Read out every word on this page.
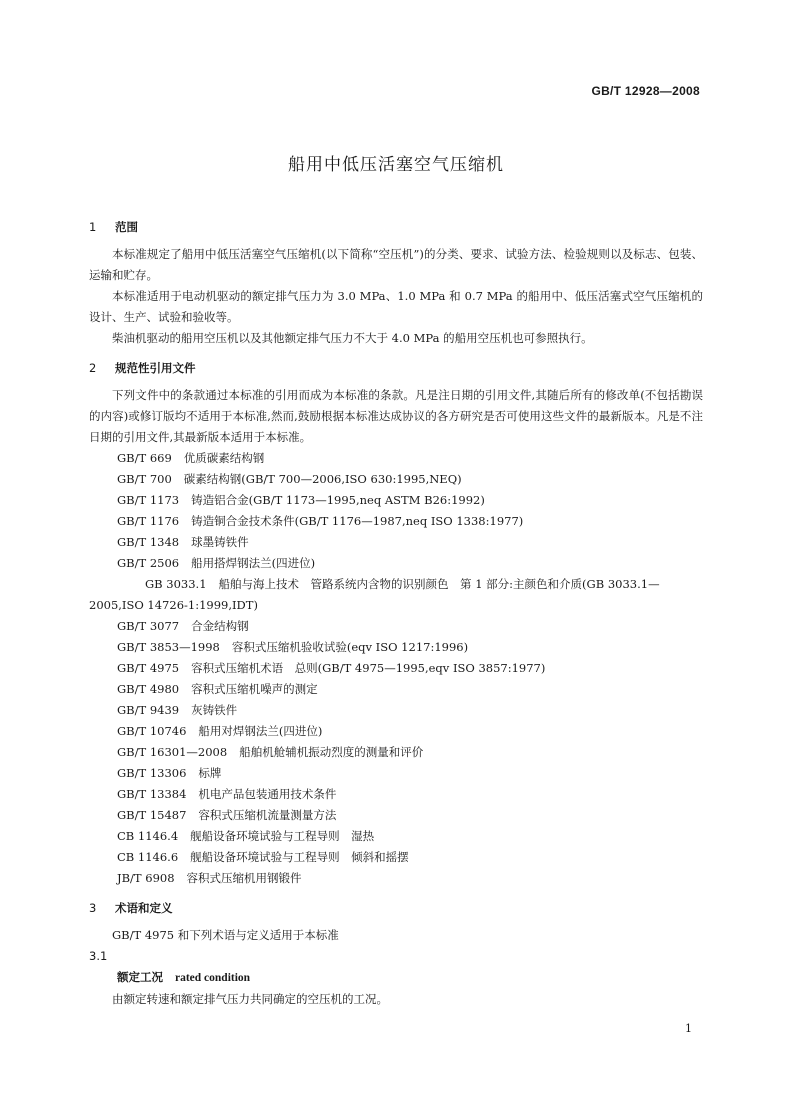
GB/T 12928—2008
船用中低压活塞空气压缩机

1 范围

本标准规定了船用中低压活塞空气压缩机(以下简称“空压机”)的分类、要求、试验方法、检验规则以及标志、包装、运输和贮存。

本标准适用于电动机驱动的额定排气压力为 3.0 MPa、1.0 MPa 和 0.7 MPa 的船用中、低压活塞式空气压缩机的设计、生产、试验和验收等。

柴油机驱动的船用空压机以及其他额定排气压力不大于 4.0 MPa 的船用空压机也可参照执行。

2 规范性引用文件

下列文件中的条款通过本标准的引用而成为本标准的条款。凡是注日期的引用文件,其随后所有的修改单(不包括勘误的内容)或修订版均不适用于本标准,然而,鼓励根据本标准达成协议的各方研究是否可使用这些文件的最新版本。凡是不注日期的引用文件,其最新版本适用于本标准。

GB/T 669 优质碳素结构钢

GB/T 700 碳素结构钢(GB/T 700—2006,ISO 630:1995,NEQ)

GB/T 1173 铸造铝合金(GB/T 1173—1995,neq ASTM B26:1992)

GB/T 1176 铸造铜合金技术条件(GB/T 1176—1987,neq ISO 1338:1977)

GB/T 1348 球墨铸铁件

GB/T 2506 船用搭焊钢法兰(四进位)

GB 3033.1 船舶与海上技术　管路系统内含物的识别颜色　第 1 部分:主颜色和介质(GB 3033.1—2005,ISO 14726-1:1999,IDT)

GB/T 3077 合金结构钢

GB/T 3853—1998 容积式压缩机验收试验(eqv ISO 1217:1996)

GB/T 4975 容积式压缩机术语　总则(GB/T 4975—1995,eqv ISO 3857:1977)

GB/T 4980 容积式压缩机噪声的测定

GB/T 9439 灰铸铁件

GB/T 10746 船用对焊钢法兰(四进位)

GB/T 16301—2008 船舶机舱辅机振动烈度的测量和评价

GB/T 13306 标牌

GB/T 13384 机电产品包装通用技术条件

GB/T 15487 容积式压缩机流量测量方法

CB 1146.4 舰船设备环境试验与工程导则　湿热

CB 1146.6 舰船设备环境试验与工程导则　倾斜和摇摆

JB/T 6908 容积式压缩机用钢锻件

3 术语和定义

GB/T 4975 和下列术语与定义适用于本标准

3.1

额定工况 rated condition

由额定转速和额定排气压力共同确定的空压机的工况。

1
